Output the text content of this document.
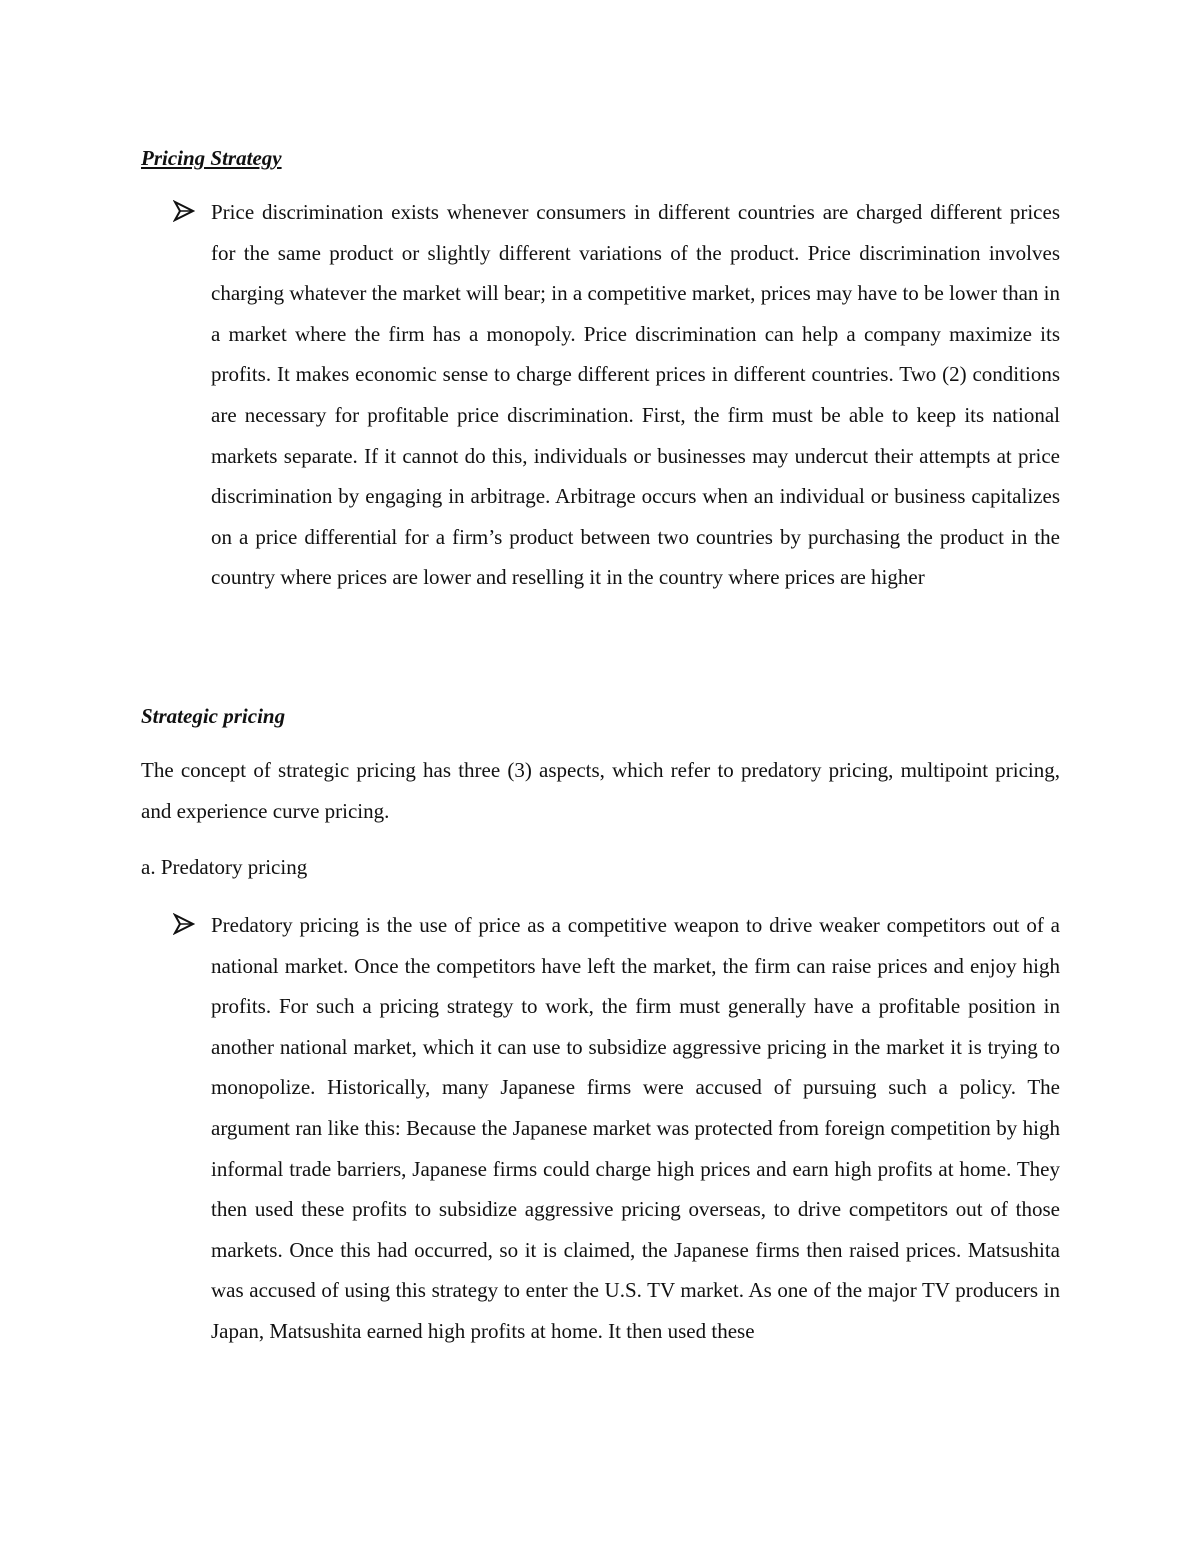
Pricing Strategy

Price discrimination exists whenever consumers in different countries are charged different prices for the same product or slightly different variations of the product. Price discrimination involves charging whatever the market will bear; in a competitive market, prices may have to be lower than in a market where the firm has a monopoly. Price discrimination can help a company maximize its profits. It makes economic sense to charge different prices in different countries. Two (2) conditions are necessary for profitable price discrimination. First, the firm must be able to keep its national markets separate. If it cannot do this, individuals or businesses may undercut their attempts at price discrimination by engaging in arbitrage. Arbitrage occurs when an individual or business capitalizes on a price differential for a firm’s product between two countries by purchasing the product in the country where prices are lower and reselling it in the country where prices are higher

Strategic pricing

The concept of strategic pricing has three (3) aspects, which refer to predatory pricing, multipoint pricing, and experience curve pricing.

a. Predatory pricing

Predatory pricing is the use of price as a competitive weapon to drive weaker competitors out of a national market. Once the competitors have left the market, the firm can raise prices and enjoy high profits. For such a pricing strategy to work, the firm must generally have a profitable position in another national market, which it can use to subsidize aggressive pricing in the market it is trying to monopolize. Historically, many Japanese firms were accused of pursuing such a policy. The argument ran like this: Because the Japanese market was protected from foreign competition by high informal trade barriers, Japanese firms could charge high prices and earn high profits at home. They then used these profits to subsidize aggressive pricing overseas, to drive competitors out of those markets. Once this had occurred, so it is claimed, the Japanese firms then raised prices. Matsushita was accused of using this strategy to enter the U.S. TV market. As one of the major TV producers in Japan, Matsushita earned high profits at home. It then used these
